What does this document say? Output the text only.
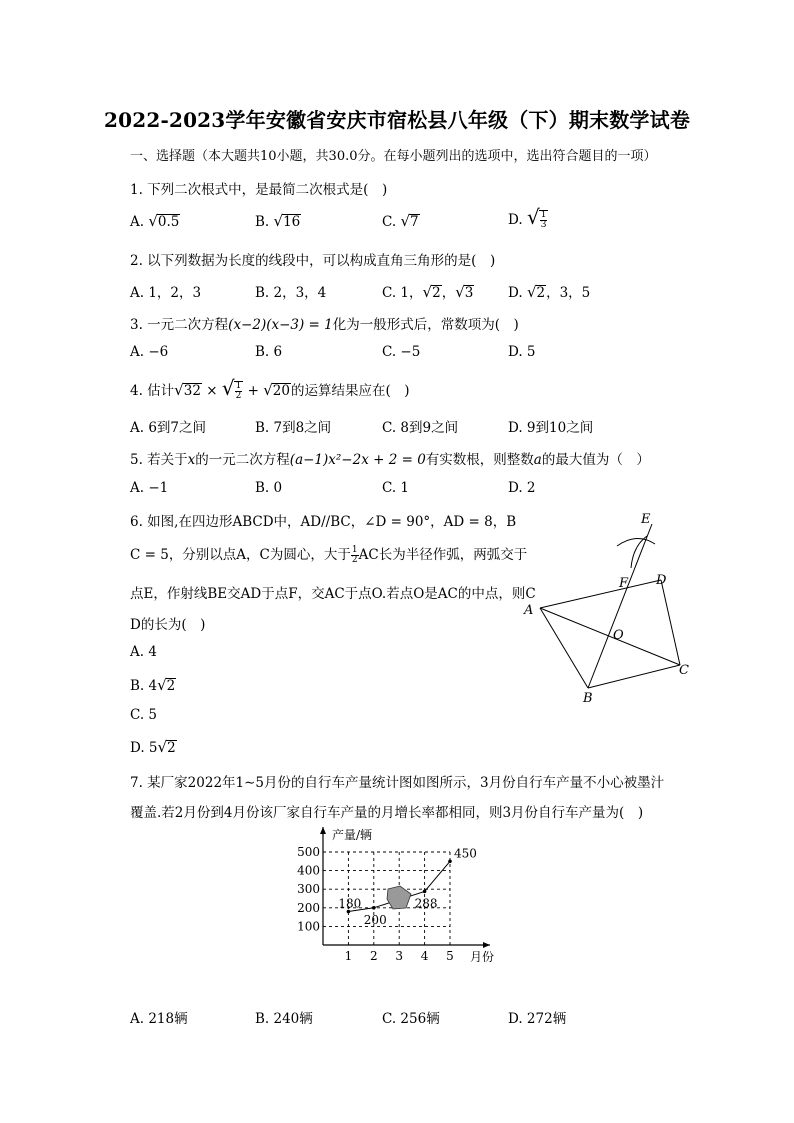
2022-2023学年安徽省安庆市宿松县八年级（下）期末数学试卷
一、选择题（本大题共10小题，共30.0分。在每小题列出的选项中，选出符合题目的一项）
1. 下列二次根式中，是最简二次根式是(　)
A. √0.5	B. √16	C. √7	D. √ $\frac{1}{3}$
2. 以下列数据为长度的线段中，可以构成直角三角形的是(　)
A. 1，2，3	B. 2，3，4	C. 1，√2，√3	D. √2，3，5
3. 一元二次方程(x−2)(x−3) = 1化为一般形式后，常数项为(　)
A. −6	B. 6	C. −5	D. 5
4. 估计√32 × √ $\frac{1}{2} + √20$的运算结果应在(　)
A. 6到7之间	B. 7到8之间	C. 8到9之间	D. 9到10之间
5. 若关于x的一元二次方程(a−1)x²−2x + 2 = 0有实数根，则整数a的最大值为（　）
A. −1	B. 0	C. 1	D. 2
6. 如图,在四边形ABCD中，AD//BC，∠D = 90°，AD = 8，B
C = 5，分别以点A，C为圆心，大于 $\frac{1}{2}$ AC长为半径作弧，两弧交于
点E，作射线BE交AD于点F，交AC于点O.若点O是AC的中点，则C
D的长为(　)
A. 4
B. 4√2
C. 5
D. 5√2
E
F D
A
O
C
B
7. 某厂家2022年1∼5月份的自行车产量统计图如图所示，3月份自行车产量不小心被墨汁
覆盖.若2月份到4月份该厂家自行车产量的月增长率都相同，则3月份自行车产量为(　)
产量/辆
月份
100
200
300
400
500
1 2 3 4 5
180
200
288
450
A. 218辆	B. 240辆	C. 256辆	D. 272辆
